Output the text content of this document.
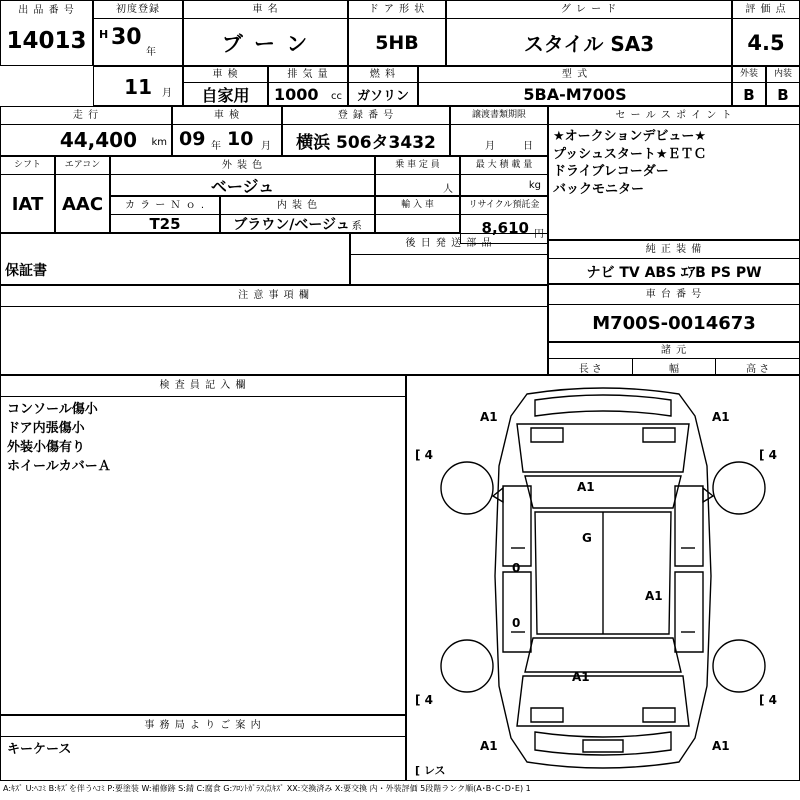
出 品 番 号
14013
初度登録
H 30
年
車 名
ブ ー ン
ド ア 形 状
5HB
グ レ ー ド
スタイル SA3
評 価 点
4.5
11 月
車 検
自家用
排 気 量
1000 cc
燃 料
ガソリン
型 式
5BA-M700S
外装
B
内装
B
走 行
44,400 km
車 検
09 年 10 月
登 録 番 号
横浜 506タ3432
譲渡書類期限
月	日
セ ー ル ス ポ イ ン ト
★オークションデビュー★
プッシュスタート★ＥＴＣ
ドライブレコーダー
バックモニター
シフト
IAT
エアコン
AAC
外 装 色
ベージュ
乗 車 定 員
人
最 大 積 載 量
kg
カ ラ ー Ｎ ｏ .
T25
内 装 色
ブラウン/ベージュ 系
輸 入 車	リサイクル預託金
8,610 円
純 正 装 備
ナビ TV ABS ｴｱB PS PW
保証書
後 日 発 送 部 品
注 意 事 項 欄	車 台 番 号
M700S-0014673
諸 元
長 さ	幅	高 さ
検 査 員 記 入 欄
コンソール傷小
ドア内張傷小
外装小傷有り
ホイールカバーＡ
事 務 局 よ り ご 案 内
キーケース
A1	A1
[ 4	[ 4
A1
G
0
0
A1
A1
[ 4	[ 4
A1	A1
[ レス
A:ｷｽﾞ U:ﾍｺﾐ B:ｷｽﾞを伴うﾍｺﾐ P:要塗装 W:補修跡 S:錆 C:腐食 G:ﾌﾛﾝﾄｶﾞﾗｽ点ｷｽﾞ XX:交換済み X:要交換 内・外装評価 5段階ランク順(A･B･C･D･E) 1
